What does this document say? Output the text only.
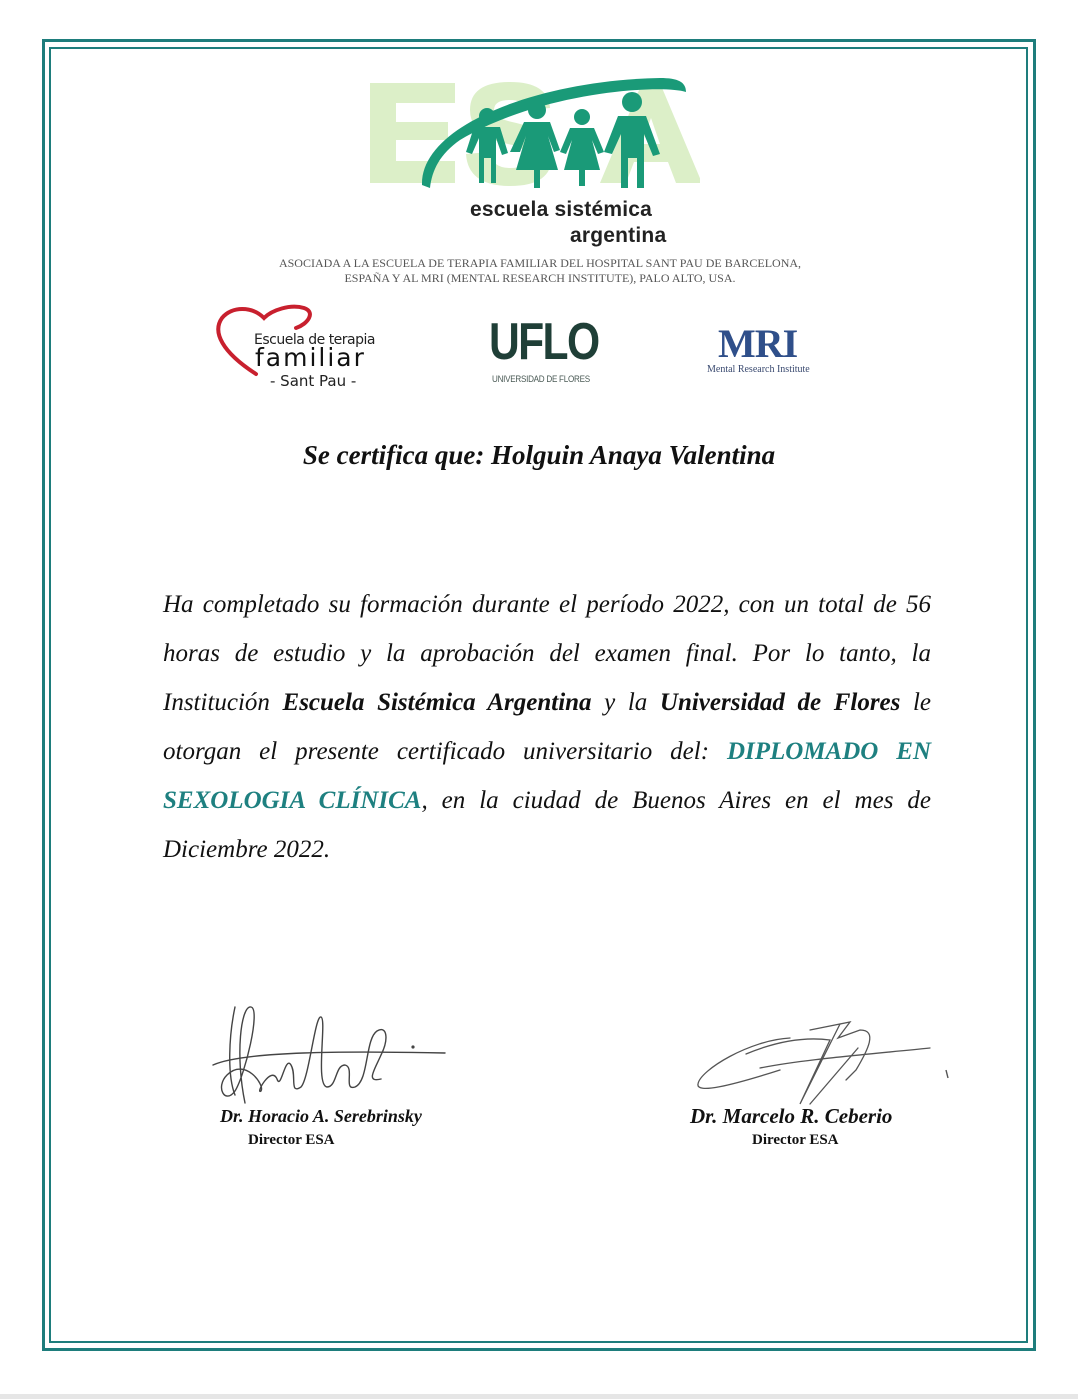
escuela sistémica
argentina
ASOCIADA A LA ESCUELA DE TERAPIA FAMILIAR DEL HOSPITAL SANT PAU DE BARCELONA,
ESPAÑA Y AL MRI (MENTAL RESEARCH INSTITUTE), PALO ALTO, USA.
Escuela de terapia
familiar
- Sant Pau -
UFLO
UNIVERSIDAD DE FLORES
MRI
Mental Research Institute
Se certifica que: Holguin Anaya Valentina
Ha completado su formación durante el período 2022, con un total de 56 horas de estudio y la aprobación del examen final. Por lo tanto, la Institución Escuela Sistémica Argentina y la Universidad de Flores le otorgan el presente certificado universitario del: DIPLOMADO EN SEXOLOGIA CLÍNICA, en la ciudad de Buenos Aires en el mes de Diciembre 2022.
Dr. Horacio A. Serebrinsky
Director ESA
Dr. Marcelo R. Ceberio
Director ESA
